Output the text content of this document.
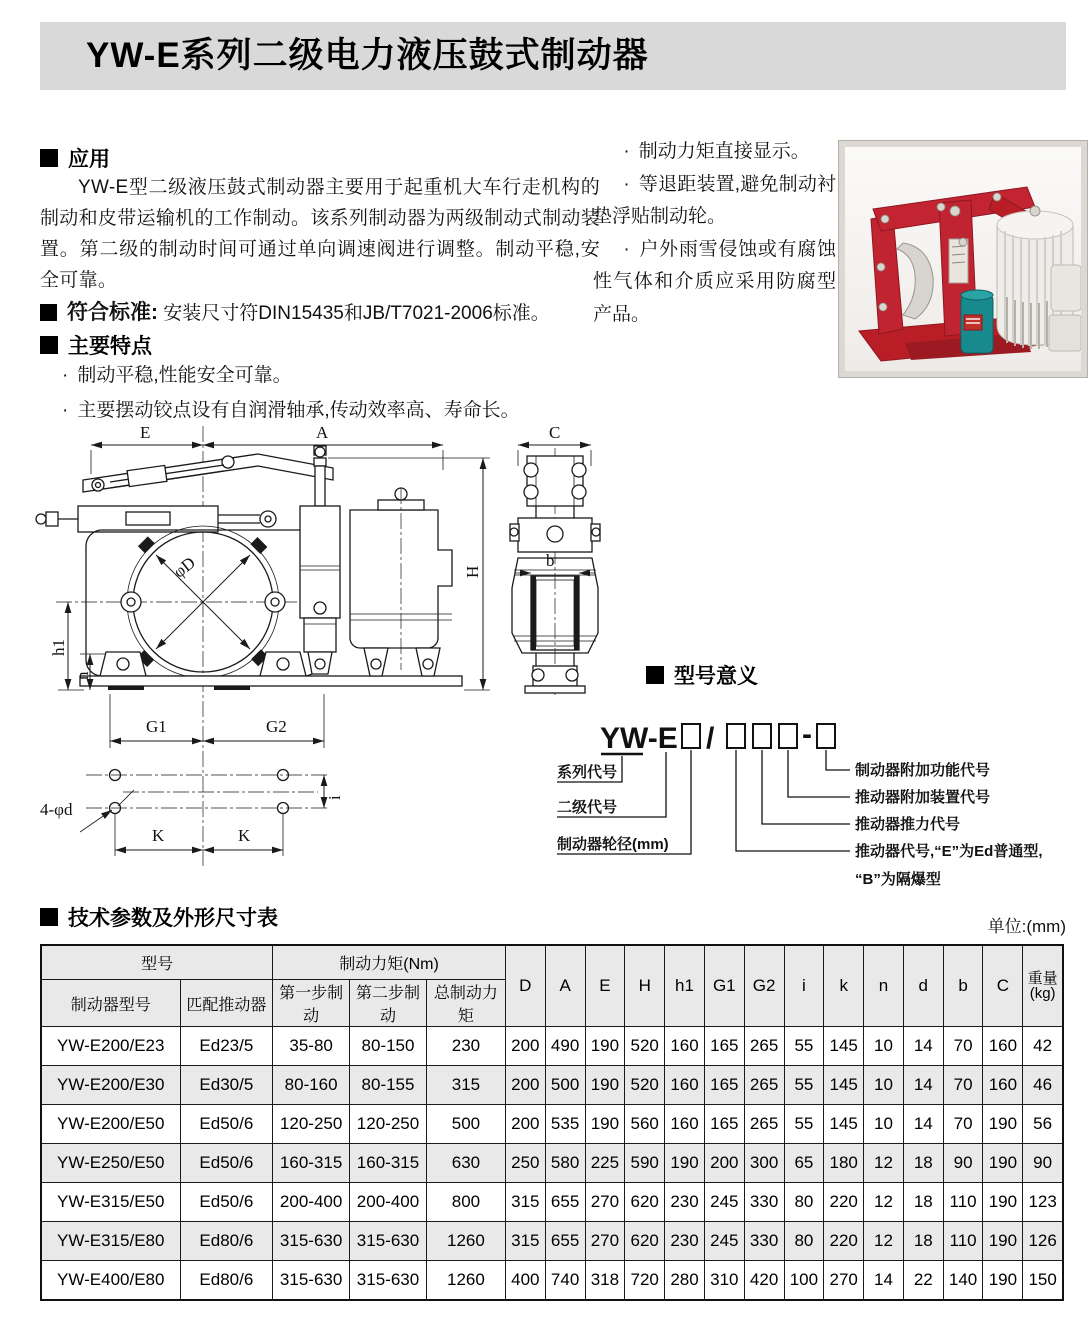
YW-E系列二级电力液压鼓式制动器
应用

YW-E型二级液压鼓式制动器主要用于起重机大车行走机构的制动和皮带运输机的工作制动。该系列制动器为两级制动式制动装置。第二级的制动时间可通过单向调速阀进行调整。制动平稳,安全可靠。

符合标准: 安装尺寸符DIN15435和JB/T7021-2006标准。

主要特点

· 制动平稳,性能安全可靠。

· 主要摆动铰点设有自润滑轴承,传动效率高、寿命长。

· 制动力矩直接显示。

· 等退距装置,避免制动衬垫浮贴制动轮。

· 户外雨雪侵蚀或有腐蚀性气体和介质应采用防腐型产品。

E	A
H
φD
h1
n
G1	G2
i
K	K
4-φd
C
b
型号意义
YW-E /	-
系列代号
二级代号
制动器轮径(mm)
制动器附加功能代号
推动器附加装置代号
推动器推力代号
推动器代号,“E”为Ed普通型,
“B”为隔爆型
技术参数及外形尺寸表	单位:(mm)
型号		制动力矩(Nm)			D	A	E	H	h1	G1	G2	i	k	n	d	b	C	重量
(kg)

制动器型号	匹配推动器	第一步制动	第二步制动	总制动力矩														
YW-E200/E23	Ed23/5	35-80	80-150	230	200	490	190	520	160	165	265	55	145	10	14	70	160	42
YW-E200/E30	Ed30/5	80-160	80-155	315	200	500	190	520	160	165	265	55	145	10	14	70	160	46
YW-E200/E50	Ed50/6	120-250	120-250	500	200	535	190	560	160	165	265	55	145	10	14	70	190	56
YW-E250/E50	Ed50/6	160-315	160-315	630	250	580	225	590	190	200	300	65	180	12	18	90	190	90
YW-E315/E50	Ed50/6	200-400	200-400	800	315	655	270	620	230	245	330	80	220	12	18	110	190	123
YW-E315/E80	Ed80/6	315-630	315-630	1260	315	655	270	620	230	245	330	80	220	12	18	110	190	126
YW-E400/E80	Ed80/6	315-630	315-630	1260	400	740	318	720	280	310	420	100	270	14	22	140	190	150
